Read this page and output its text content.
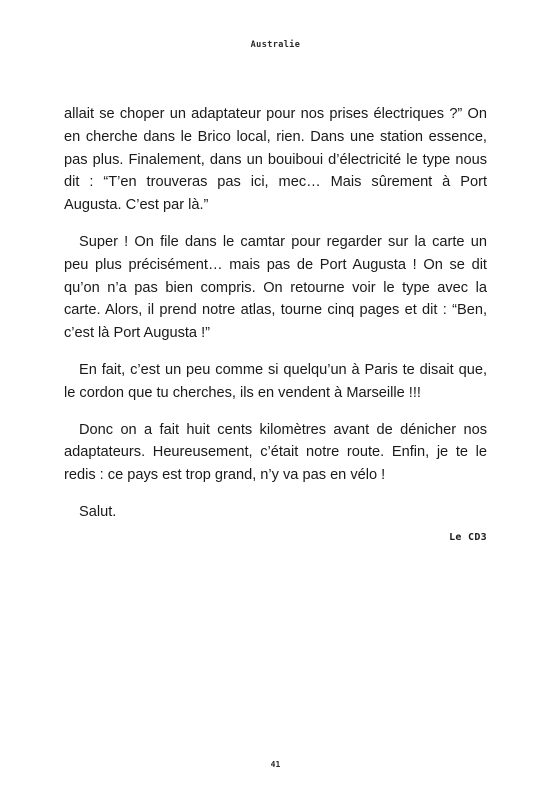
Australie

allait se choper un adaptateur pour nos prises électriques ?” On en cherche dans le Brico local, rien. Dans une station essence, pas plus. Finalement, dans un bouiboui d’électricité le type nous dit : “T’en trouveras pas ici, mec… Mais sûrement à Port Augusta. C’est par là.”

Super ! On file dans le camtar pour regarder sur la carte un peu plus précisément… mais pas de Port Augusta ! On se dit qu’on n’a pas bien compris. On retourne voir le type avec la carte. Alors, il prend notre atlas, tourne cinq pages et dit : “Ben, c’est là Port Augusta !”

En fait, c’est un peu comme si quelqu’un à Paris te disait que, le cordon que tu cherches, ils en vendent à Marseille !!!

Donc on a fait huit cents kilomètres avant de dénicher nos adaptateurs. Heureusement, c’était notre route. Enfin, je te le redis : ce pays est trop grand, n’y va pas en vélo !

Salut.

Le CD3
41
